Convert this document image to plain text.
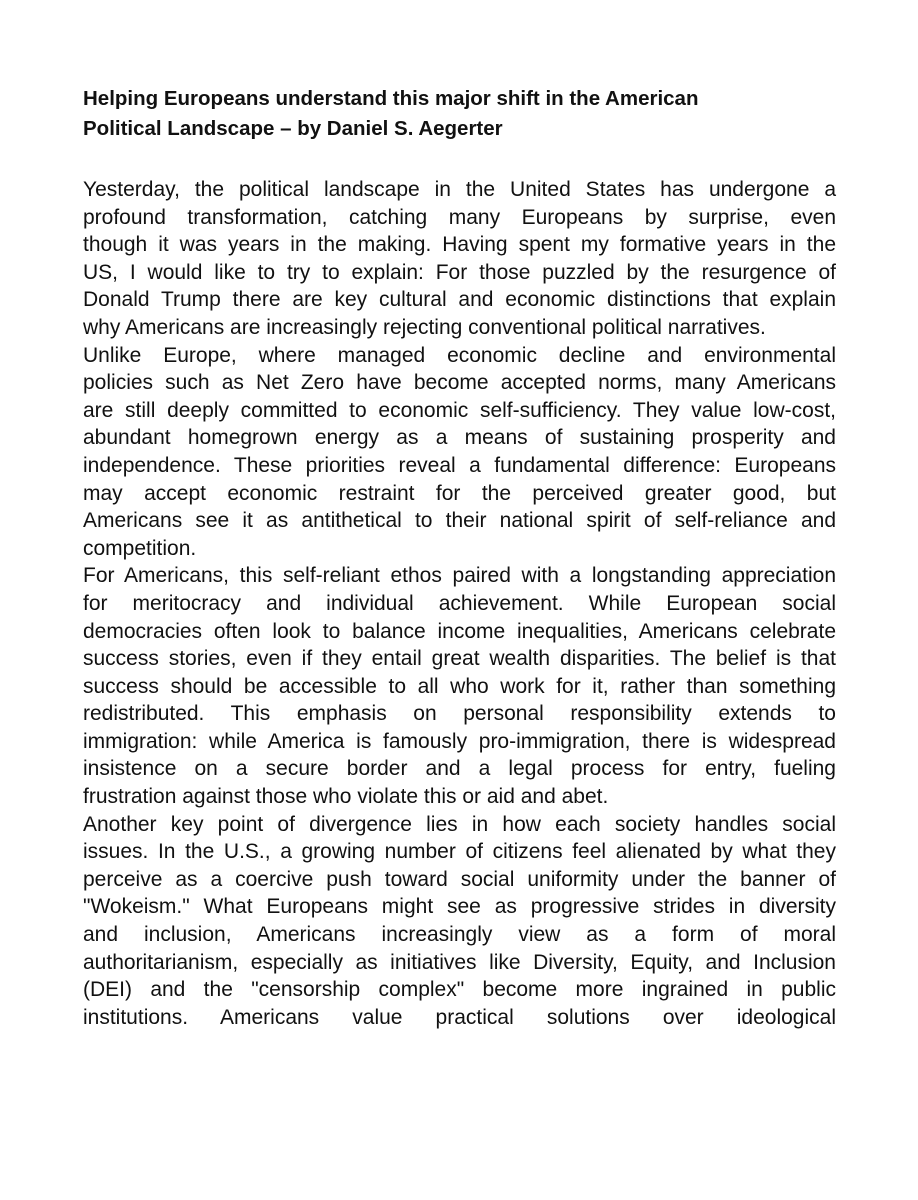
Helping Europeans understand this major shift in the American
Political Landscape – by Daniel S. Aegerter
Yesterday, the political landscape in the United States has undergone a
profound transformation, catching many Europeans by surprise, even
though it was years in the making. Having spent my formative years in the
US, I would like to try to explain: For those puzzled by the resurgence of
Donald Trump there are key cultural and economic distinctions that explain
why Americans are increasingly rejecting conventional political narratives.
Unlike Europe, where managed economic decline and environmental
policies such as Net Zero have become accepted norms, many Americans
are still deeply committed to economic self-sufficiency. They value low-cost,
abundant homegrown energy as a means of sustaining prosperity and
independence. These priorities reveal a fundamental difference: Europeans
may accept economic restraint for the perceived greater good, but
Americans see it as antithetical to their national spirit of self-reliance and
competition.
For Americans, this self-reliant ethos paired with a longstanding appreciation
for meritocracy and individual achievement. While European social
democracies often look to balance income inequalities, Americans celebrate
success stories, even if they entail great wealth disparities. The belief is that
success should be accessible to all who work for it, rather than something
redistributed. This emphasis on personal responsibility extends to
immigration: while America is famously pro-immigration, there is widespread
insistence on a secure border and a legal process for entry, fueling
frustration against those who violate this or aid and abet.
Another key point of divergence lies in how each society handles social
issues. In the U.S., a growing number of citizens feel alienated by what they
perceive as a coercive push toward social uniformity under the banner of
"Wokeism." What Europeans might see as progressive strides in diversity
and inclusion, Americans increasingly view as a form of moral
authoritarianism, especially as initiatives like Diversity, Equity, and Inclusion
(DEI) and the "censorship complex" become more ingrained in public
institutions. Americans value practical solutions over ideological
